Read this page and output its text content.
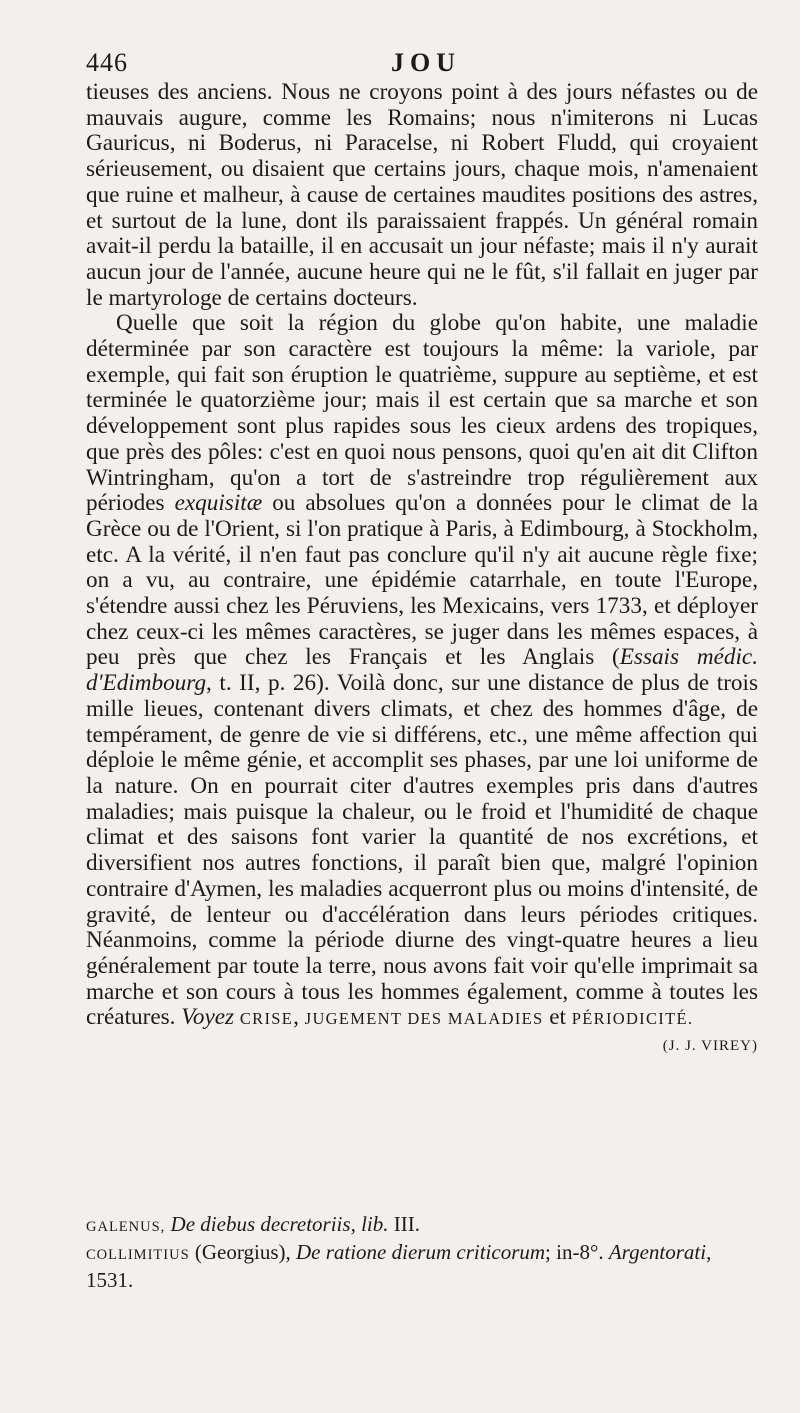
446	JOU

tieuses des anciens. Nous ne croyons point à des jours néfastes ou de mauvais augure, comme les Romains; nous n'imiterons ni Lucas Gauricus, ni Boderus, ni Paracelse, ni Robert Fludd, qui croyaient sérieusement, ou disaient que certains jours, chaque mois, n'amenaient que ruine et malheur, à cause de certaines maudites positions des astres, et surtout de la lune, dont ils paraissaient frappés. Un général romain avait-il perdu la bataille, il en accusait un jour néfaste; mais il n'y aurait aucun jour de l'année, aucune heure qui ne le fût, s'il fallait en juger par le martyrologe de certains docteurs.

Quelle que soit la région du globe qu'on habite, une maladie déterminée par son caractère est toujours la même: la variole, par exemple, qui fait son éruption le quatrième, suppure au septième, et est terminée le quatorzième jour; mais il est certain que sa marche et son développement sont plus rapides sous les cieux ardens des tropiques, que près des pôles: c'est en quoi nous pensons, quoi qu'en ait dit Clifton Wintringham, qu'on a tort de s'astreindre trop régulièrement aux périodes exquisitæ ou absolues qu'on a données pour le climat de la Grèce ou de l'Orient, si l'on pratique à Paris, à Edimbourg, à Stockholm, etc. A la vérité, il n'en faut pas conclure qu'il n'y ait aucune règle fixe; on a vu, au contraire, une épidémie catarrhale, en toute l'Europe, s'étendre aussi chez les Péruviens, les Mexicains, vers 1733, et déployer chez ceux-ci les mêmes caractères, se juger dans les mêmes espaces, à peu près que chez les Français et les Anglais (Essais médic. d'Edimbourg, t. II, p. 26). Voilà donc, sur une distance de plus de trois mille lieues, contenant divers climats, et chez des hommes d'âge, de tempérament, de genre de vie si différens, etc., une même affection qui déploie le même génie, et accomplit ses phases, par une loi uniforme de la nature. On en pourrait citer d'autres exemples pris dans d'autres maladies; mais puisque la chaleur, ou le froid et l'humidité de chaque climat et des saisons font varier la quantité de nos excrétions, et diversifient nos autres fonctions, il paraît bien que, malgré l'opinion contraire d'Aymen, les maladies acquerront plus ou moins d'intensité, de gravité, de lenteur ou d'accélération dans leurs périodes critiques. Néanmoins, comme la période diurne des vingt-quatre heures a lieu généralement par toute la terre, nous avons fait voir qu'elle imprimait sa marche et son cours à tous les hommes également, comme à toutes les créatures. Voyez CRISE, JUGEMENT DES MALADIES et PÉRIODICITÉ.
(J. J. VIREY)

GALENUS, De diebus decretoriis, lib. III.

COLLIMITIUS (Georgius), De ratione dierum criticorum; in-8°. Argentorati, 1531.
